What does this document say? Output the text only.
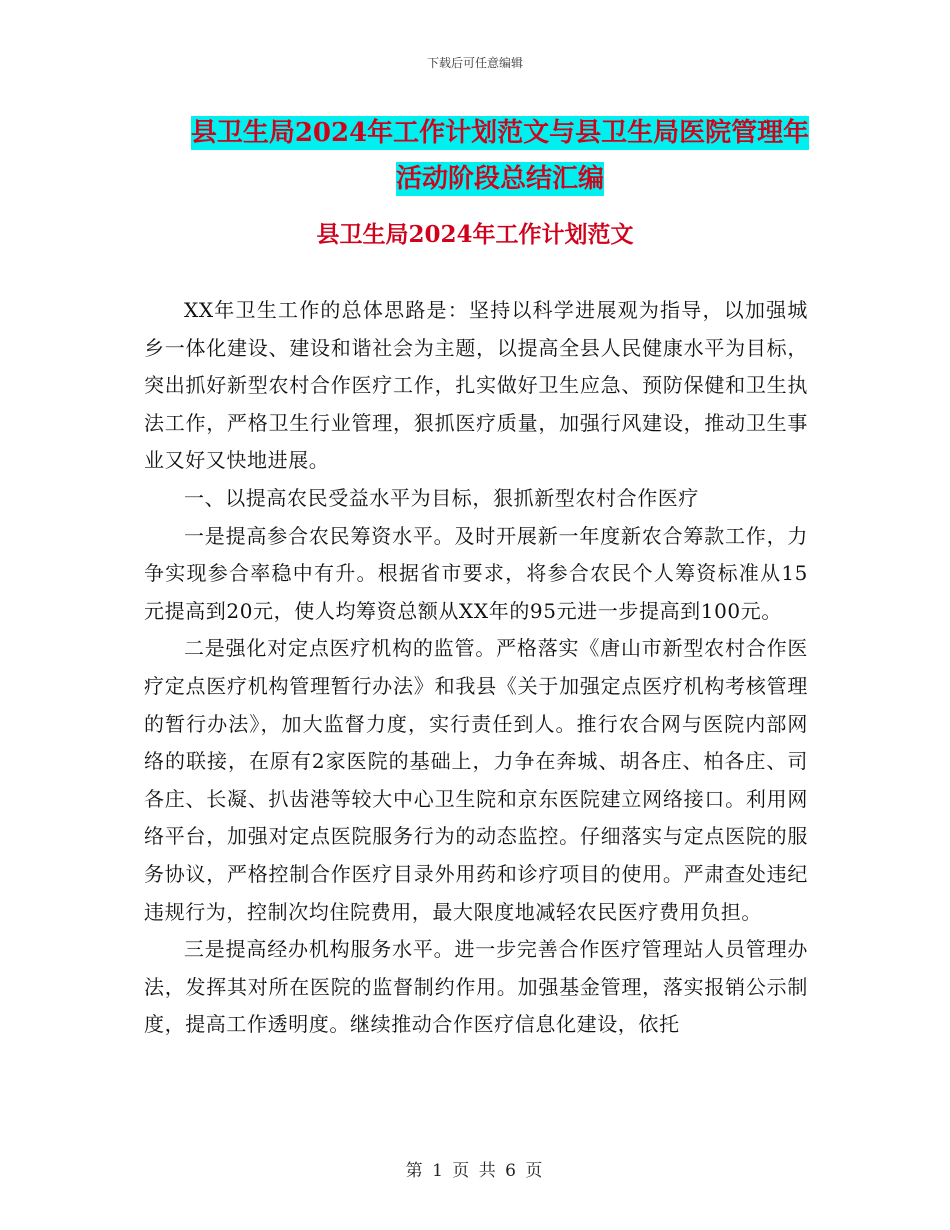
下载后可任意编辑
县卫生局2024年工作计划范文与县卫生局医院管理年
活动阶段总结汇编
县卫生局2024年工作计划范文

XX年卫生工作的总体思路是：坚持以科学进展观为指导，以加强城乡一体化建设、建设和谐社会为主题，以提高全县人民健康水平为目标，突出抓好新型农村合作医疗工作，扎实做好卫生应急、预防保健和卫生执法工作，严格卫生行业管理，狠抓医疗质量，加强行风建设，推动卫生事业又好又快地进展。

一、以提高农民受益水平为目标，狠抓新型农村合作医疗

一是提高参合农民筹资水平。及时开展新一年度新农合筹款工作，力争实现参合率稳中有升。根据省市要求，将参合农民个人筹资标准从15元提高到20元，使人均筹资总额从XX年的95元进一步提高到100元。

二是强化对定点医疗机构的监管。严格落实《唐山市新型农村合作医疗定点医疗机构管理暂行办法》和我县《关于加强定点医疗机构考核管理的暂行办法》，加大监督力度，实行责任到人。推行农合网与医院内部网络的联接，在原有2家医院的基础上，力争在奔城、胡各庄、柏各庄、司各庄、长凝、扒齿港等较大中心卫生院和京东医院建立网络接口。利用网络平台，加强对定点医院服务行为的动态监控。仔细落实与定点医院的服务协议，严格控制合作医疗目录外用药和诊疗项目的使用。严肃查处违纪违规行为，控制次均住院费用，最大限度地减轻农民医疗费用负担。

三是提高经办机构服务水平。进一步完善合作医疗管理站人员管理办法，发挥其对所在医院的监督制约作用。加强基金管理，落实报销公示制度，提高工作透明度。继续推动合作医疗信息化建设，依托

第 1 页 共 6 页
